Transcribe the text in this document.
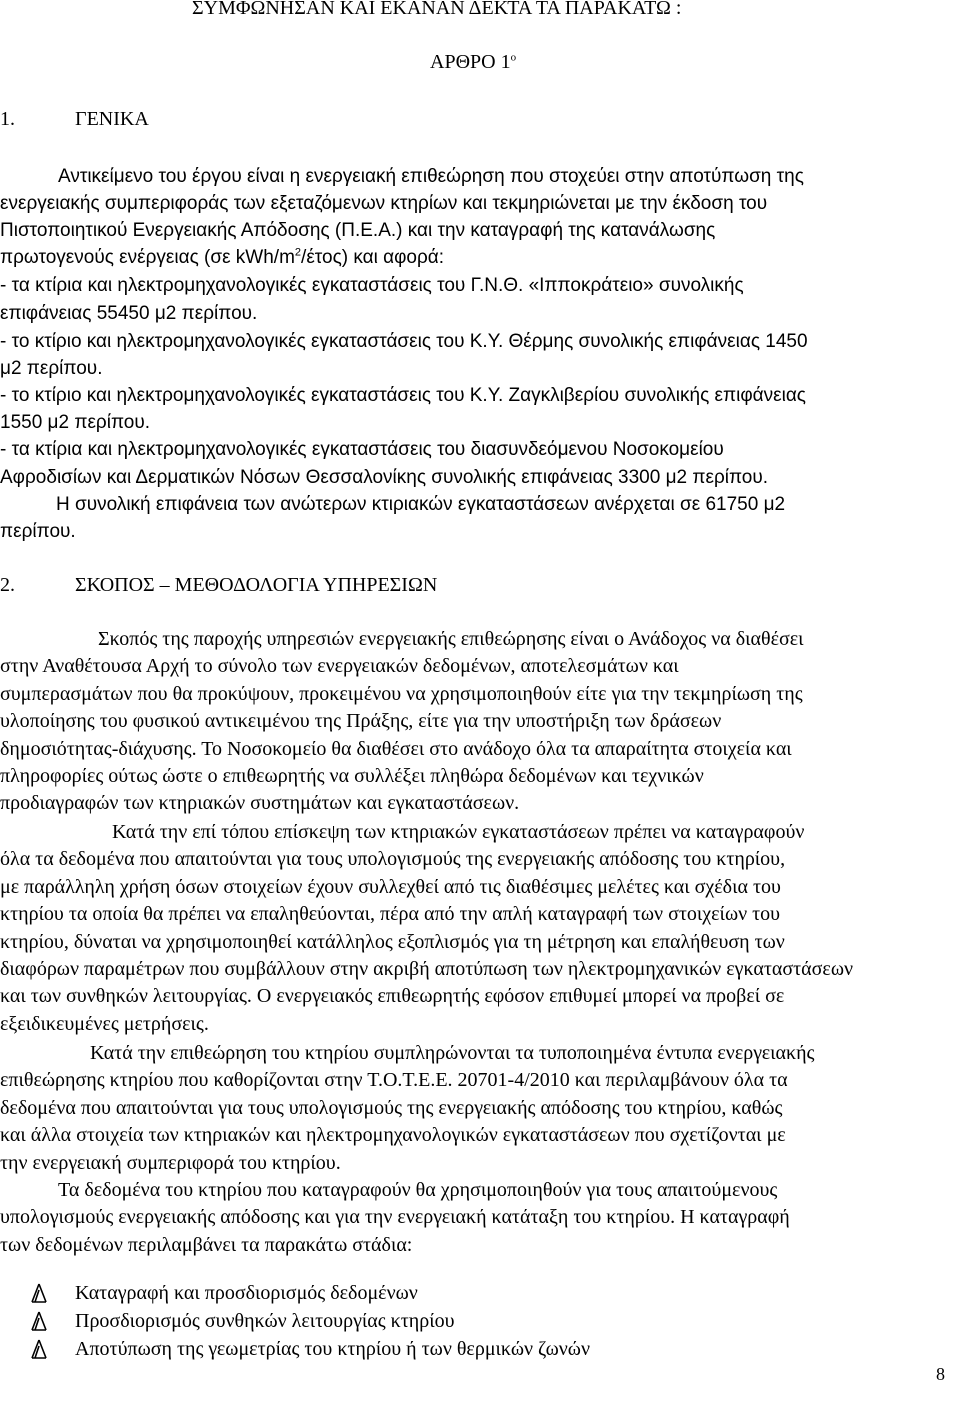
ΣΥΜΦΩΝΗΣΑΝ ΚΑΙ ΕΚΑΝΑΝ ΔΕΚΤΑ ΤΑ ΠΑΡΑΚΑΤΩ :
ΑΡΘΡΟ $1^o$
1.	ΓΕΝΙΚΑ
Αντικείμενο του έργου είναι η ενεργειακή επιθεώρηση που στοχεύει στην αποτύπωση της
ενεργειακής συμπεριφοράς των εξεταζόμενων κτηρίων και τεκμηριώνεται με την έκδοση του
Πιστοποιητικού Ενεργειακής Απόδοσης (Π.Ε.Α.) και την καταγραφή της κατανάλωσης
πρωτογενούς ενέργειας (σε kWh/$m^2/έ\tau o\varsigma$) και αφορά:
- τα κτίρια και ηλεκτρομηχανολογικές εγκαταστάσεις του Γ.Ν.Θ. «Ιπποκράτειο» συνολικής
επιφάνειας 55450 μ2 περίπου.
- το κτίριο και ηλεκτρομηχανολογικές εγκαταστάσεις του Κ.Υ. Θέρμης συνολικής επιφάνειας 1450
μ2 περίπου.
- το κτίριο και ηλεκτρομηχανολογικές εγκαταστάσεις του Κ.Υ. Ζαγκλιβερίου συνολικής επιφάνειας
1550 μ2 περίπου.
- τα κτίρια και ηλεκτρομηχανολογικές εγκαταστάσεις του διασυνδεόμενου Νοσοκομείου
Αφροδισίων και Δερματικών Νόσων Θεσσαλονίκης συνολικής επιφάνειας 3300 μ2 περίπου.
Η συνολική επιφάνεια των ανώτερων κτιριακών εγκαταστάσεων ανέρχεται σε 61750 μ2
περίπου.
2.	ΣΚΟΠΟΣ – ΜΕΘΟΔΟΛΟΓΙΑ ΥΠΗΡΕΣΙΩΝ
Σκοπός της παροχής υπηρεσιών ενεργειακής επιθεώρησης είναι ο Ανάδοχος να διαθέσει
στην Αναθέτουσα Αρχή το σύνολο των ενεργειακών δεδομένων, αποτελεσμάτων και
συμπερασμάτων που θα προκύψουν, προκειμένου να χρησιμοποιηθούν είτε για την τεκμηρίωση της
υλοποίησης του φυσικού αντικειμένου της Πράξης, είτε για την υποστήριξη των δράσεων
δημοσιότητας-διάχυσης. Το Νοσοκομείο θα διαθέσει στο ανάδοχο όλα τα απαραίτητα στοιχεία και
πληροφορίες ούτως ώστε ο επιθεωρητής να συλλέξει πληθώρα δεδομένων και τεχνικών
προδιαγραφών των κτηριακών συστημάτων και εγκαταστάσεων.
Κατά την επί τόπου επίσκεψη των κτηριακών εγκαταστάσεων πρέπει να καταγραφούν
όλα τα δεδομένα που απαιτούνται για τους υπολογισμούς της ενεργειακής απόδοσης του κτηρίου,
με παράλληλη χρήση όσων στοιχείων έχουν συλλεχθεί από τις διαθέσιμες μελέτες και σχέδια του
κτηρίου τα οποία θα πρέπει να επαληθεύονται, πέρα από την απλή καταγραφή των στοιχείων του
κτηρίου, δύναται να χρησιμοποιηθεί κατάλληλος εξοπλισμός για τη μέτρηση και επαλήθευση των
διαφόρων παραμέτρων που συμβάλλουν στην ακριβή αποτύπωση των ηλεκτρομηχανικών εγκαταστάσεων
και των συνθηκών λειτουργίας. Ο ενεργειακός επιθεωρητής εφόσον επιθυμεί μπορεί να προβεί σε
εξειδικευμένες μετρήσεις.
Κατά την επιθεώρηση του κτηρίου συμπληρώνονται τα τυποποιημένα έντυπα ενεργειακής
επιθεώρησης κτηρίου που καθορίζονται στην Τ.Ο.Τ.Ε.Ε. 20701-4/2010 και περιλαμβάνουν όλα τα
δεδομένα που απαιτούνται για τους υπολογισμούς της ενεργειακής απόδοσης του κτηρίου, καθώς
και άλλα στοιχεία των κτηριακών και ηλεκτρομηχανολογικών εγκαταστάσεων που σχετίζονται με
την ενεργειακή συμπεριφορά του κτηρίου.
Τα δεδομένα του κτηρίου που καταγραφούν θα χρησιμοποιηθούν για τους απαιτούμενους
υπολογισμούς ενεργειακής απόδοσης και για την ενεργειακή κατάταξη του κτηρίου. Η καταγραφή
των δεδομένων περιλαμβάνει τα παρακάτω στάδια:
Καταγραφή και προσδιορισμός δεδομένων
Προσδιορισμός συνθηκών λειτουργίας κτηρίου
Αποτύπωση της γεωμετρίας του κτηρίου ή των θερμικών ζωνών
8
